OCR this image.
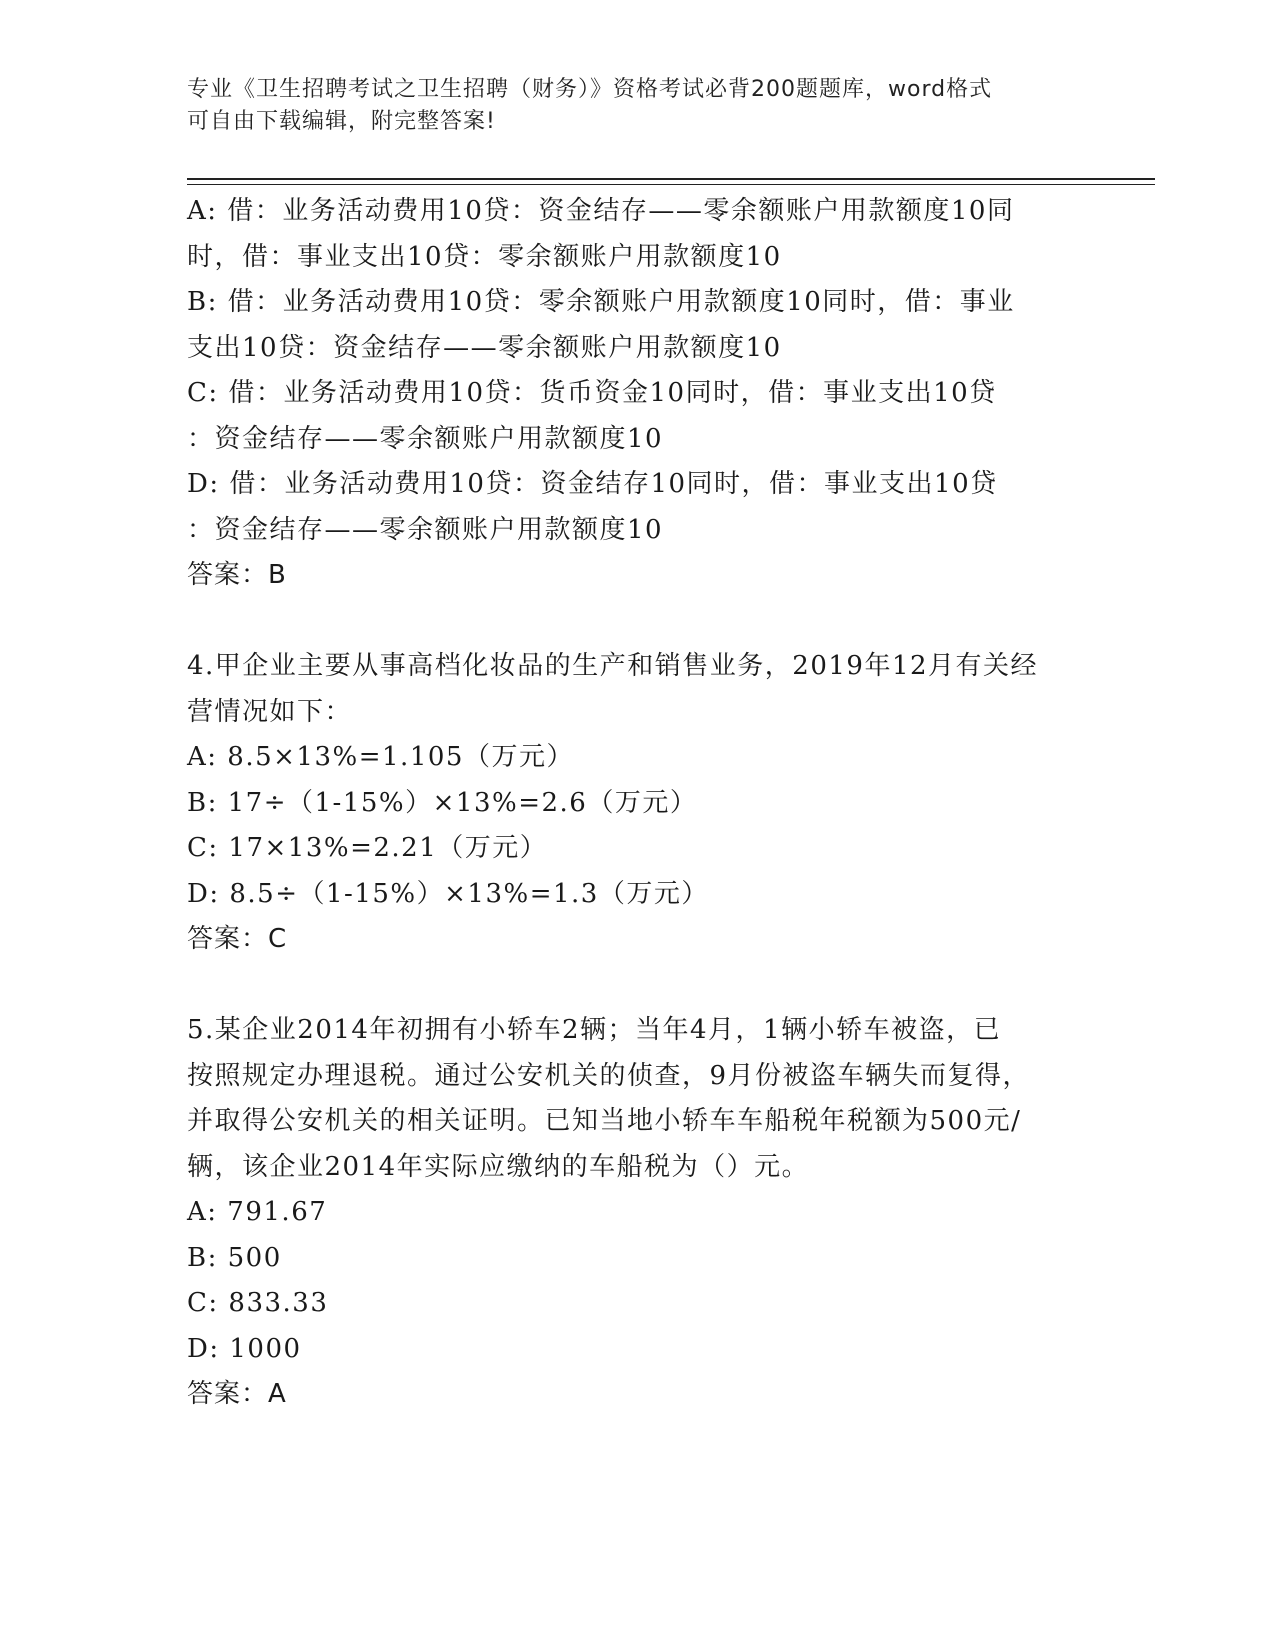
专业《卫生招聘考试之卫生招聘（财务）》资格考试必背200题题库，word格式
可自由下载编辑，附完整答案!
A: 借：业务活动费用10贷：资金结存——零余额账户用款额度10同
时，借：事业支出10贷：零余额账户用款额度10
B: 借：业务活动费用10贷：零余额账户用款额度10同时，借：事业
支出10贷：资金结存——零余额账户用款额度10
C: 借：业务活动费用10贷：货币资金10同时，借：事业支出10贷
：资金结存——零余额账户用款额度10
D: 借：业务活动费用10贷：资金结存10同时，借：事业支出10贷
：资金结存——零余额账户用款额度10
答案：B
4.甲企业主要从事高档化妆品的生产和销售业务，2019年12月有关经
营情况如下：
A: 8.5×13%=1.105（万元）
B: 17÷（1-15%）×13%=2.6（万元）
C: 17×13%=2.21（万元）
D: 8.5÷（1-15%）×13%=1.3（万元）
答案：C
5.某企业2014年初拥有小轿车2辆；当年4月，1辆小轿车被盗，已
按照规定办理退税。通过公安机关的侦查，9月份被盗车辆失而复得，
并取得公安机关的相关证明。已知当地小轿车车船税年税额为500元/
辆，该企业2014年实际应缴纳的车船税为（）元。
A: 791.67
B: 500
C: 833.33
D: 1000
答案：A
